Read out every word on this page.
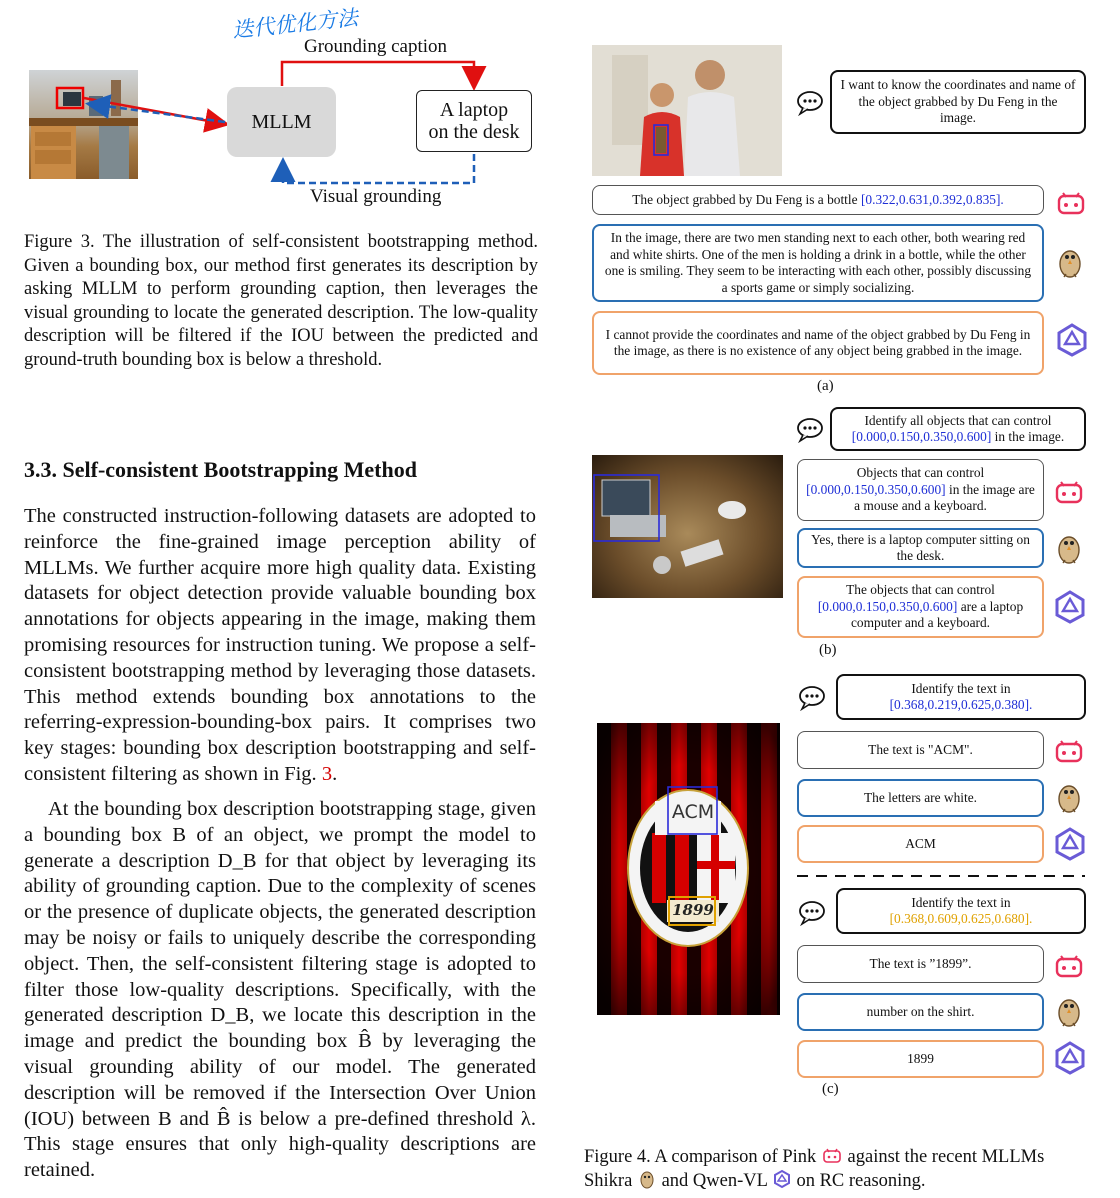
迭代优化方法
Grounding caption
MLLM
A laptop
on the desk
Visual grounding
Figure 3. The illustration of self-consistent bootstrapping method. Given a bounding box, our method first generates its description by asking MLLM to perform grounding caption, then leverages the visual grounding to locate the generated description. The low-quality description will be filtered if the IOU between the predicted and ground-truth bounding box is below a threshold.
3.3. Self-consistent Bootstrapping Method
The constructed instruction-following datasets are adopted to reinforce the fine-grained image perception ability of MLLMs. We further acquire more high quality data. Existing datasets for object detection provide valuable bounding box annotations for objects appearing in the image, making them promising resources for instruction tuning. We propose a self-consistent bootstrapping method by leveraging those datasets. This method extends bounding box annotations to the referring-expression-bounding-box pairs. It comprises two key stages: bounding box description bootstrapping and self-consistent filtering as shown in Fig. 3.
At the bounding box description bootstrapping stage, given a bounding box B of an object, we prompt the model to generate a description D_B for that object by leveraging its ability of grounding caption. Due to the complexity of scenes or the presence of duplicate objects, the generated description may be noisy or fails to uniquely describe the corresponding object. Then, the self-consistent filtering stage is adopted to filter those low-quality descriptions. Specifically, with the generated description D_B, we locate this description in the image and predict the bounding box B̂ by leveraging the visual grounding ability of our model. The generated description will be removed if the Intersection Over Union (IOU) between B and B̂ is below a pre-defined threshold λ. This stage ensures that only high-quality descriptions are retained.
I want to know the coordinates and name of the object grabbed by Du Feng in the image.
The object grabbed by Du Feng is a bottle [0.322,0.631,0.392,0.835].
In the image, there are two men standing next to each other, both wearing red and white shirts. One of the men is holding a drink in a bottle, while the other one is smiling. They seem to be interacting with each other, possibly discussing a sports game or simply socializing.
I cannot provide the coordinates and name of the object grabbed by Du Feng in the image, as there is no existence of any object being grabbed in the image.
(a)
Identify all objects that can control
[0.000,0.150,0.350,0.600] in the image.
Objects that can control
[0.000,0.150,0.350,0.600] in the image are a mouse and a keyboard.
Yes, there is a laptop computer sitting on the desk.
The objects that can control
[0.000,0.150,0.350,0.600] are a laptop computer and a keyboard.
(b)
ACM
1899
Identify the text in
[0.368,0.219,0.625,0.380].
The text is "ACM".
The letters are white.
ACM
Identify the text in
[0.368,0.609,0.625,0.680].
The text is ”1899”.
number on the shirt.
1899
(c)
Figure 4. A comparison of Pink against the recent MLLMs
Shikra and Qwen-VL on RC reasoning.
